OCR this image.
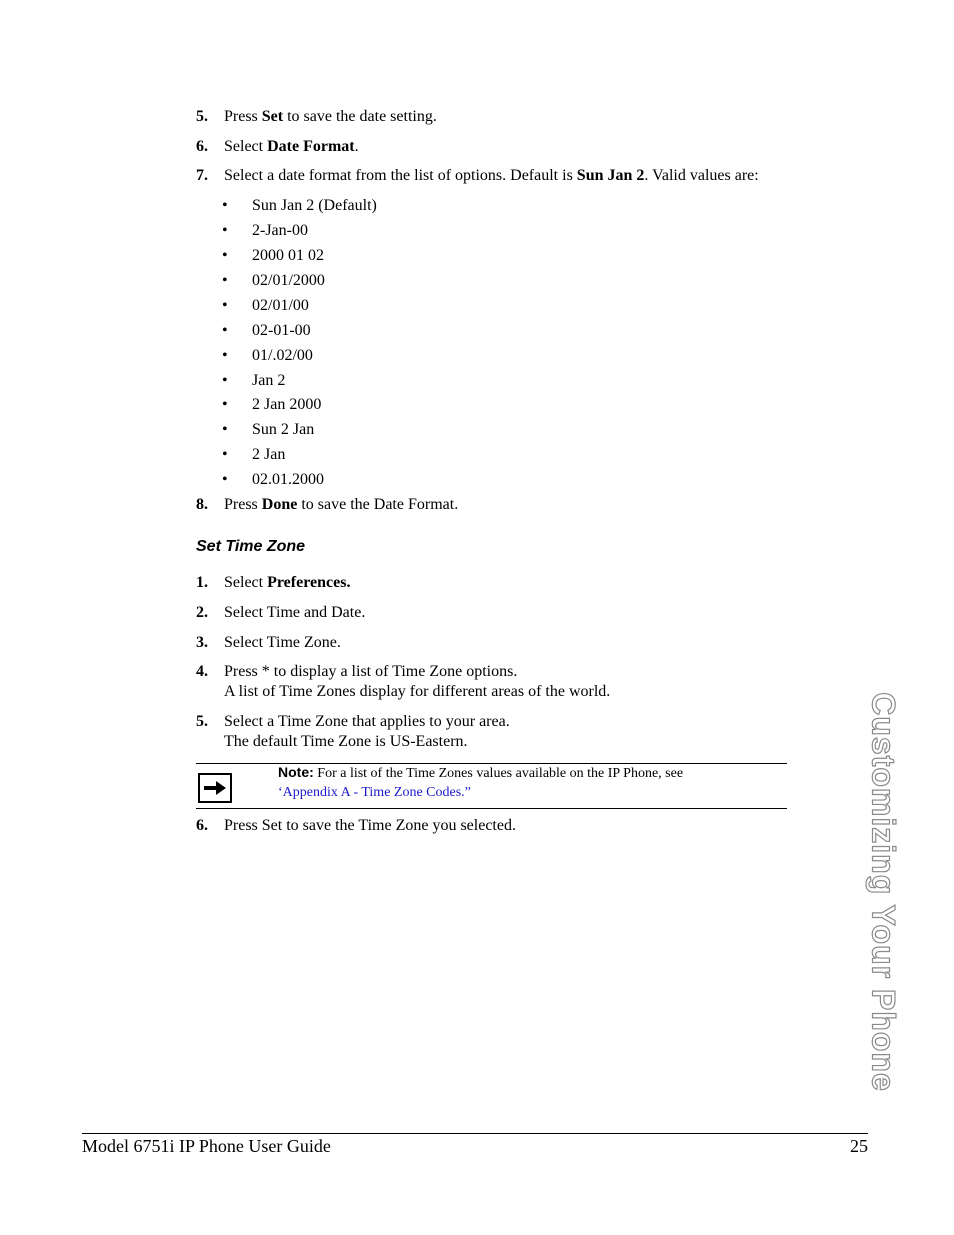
5. Press Set to save the date setting.
6. Select Date Format.
7. Select a date format from the list of options. Default is Sun Jan 2. Valid values are:
• Sun Jan 2 (Default)
• 2-Jan-00
• 2000 01 02
• 02/01/2000
• 02/01/00
• 02-01-00
• 01/.02/00
• Jan 2
• 2 Jan 2000
• Sun 2 Jan
• 2 Jan
• 02.01.2000
8. Press Done to save the Date Format.
Set Time Zone
1. Select Preferences.
2. Select Time and Date.
3. Select Time Zone.
4. Press * to display a list of Time Zone options.
A list of Time Zones display for different areas of the world.
5. Select a Time Zone that applies to your area.
The default Time Zone is US-Eastern.
Note: For a list of the Time Zones values available on the IP Phone, see
‘Appendix A - Time Zone Codes.”
6. Press Set to save the Time Zone you selected.	Customizing Your Phone
Model 6751i IP Phone User Guide	25
